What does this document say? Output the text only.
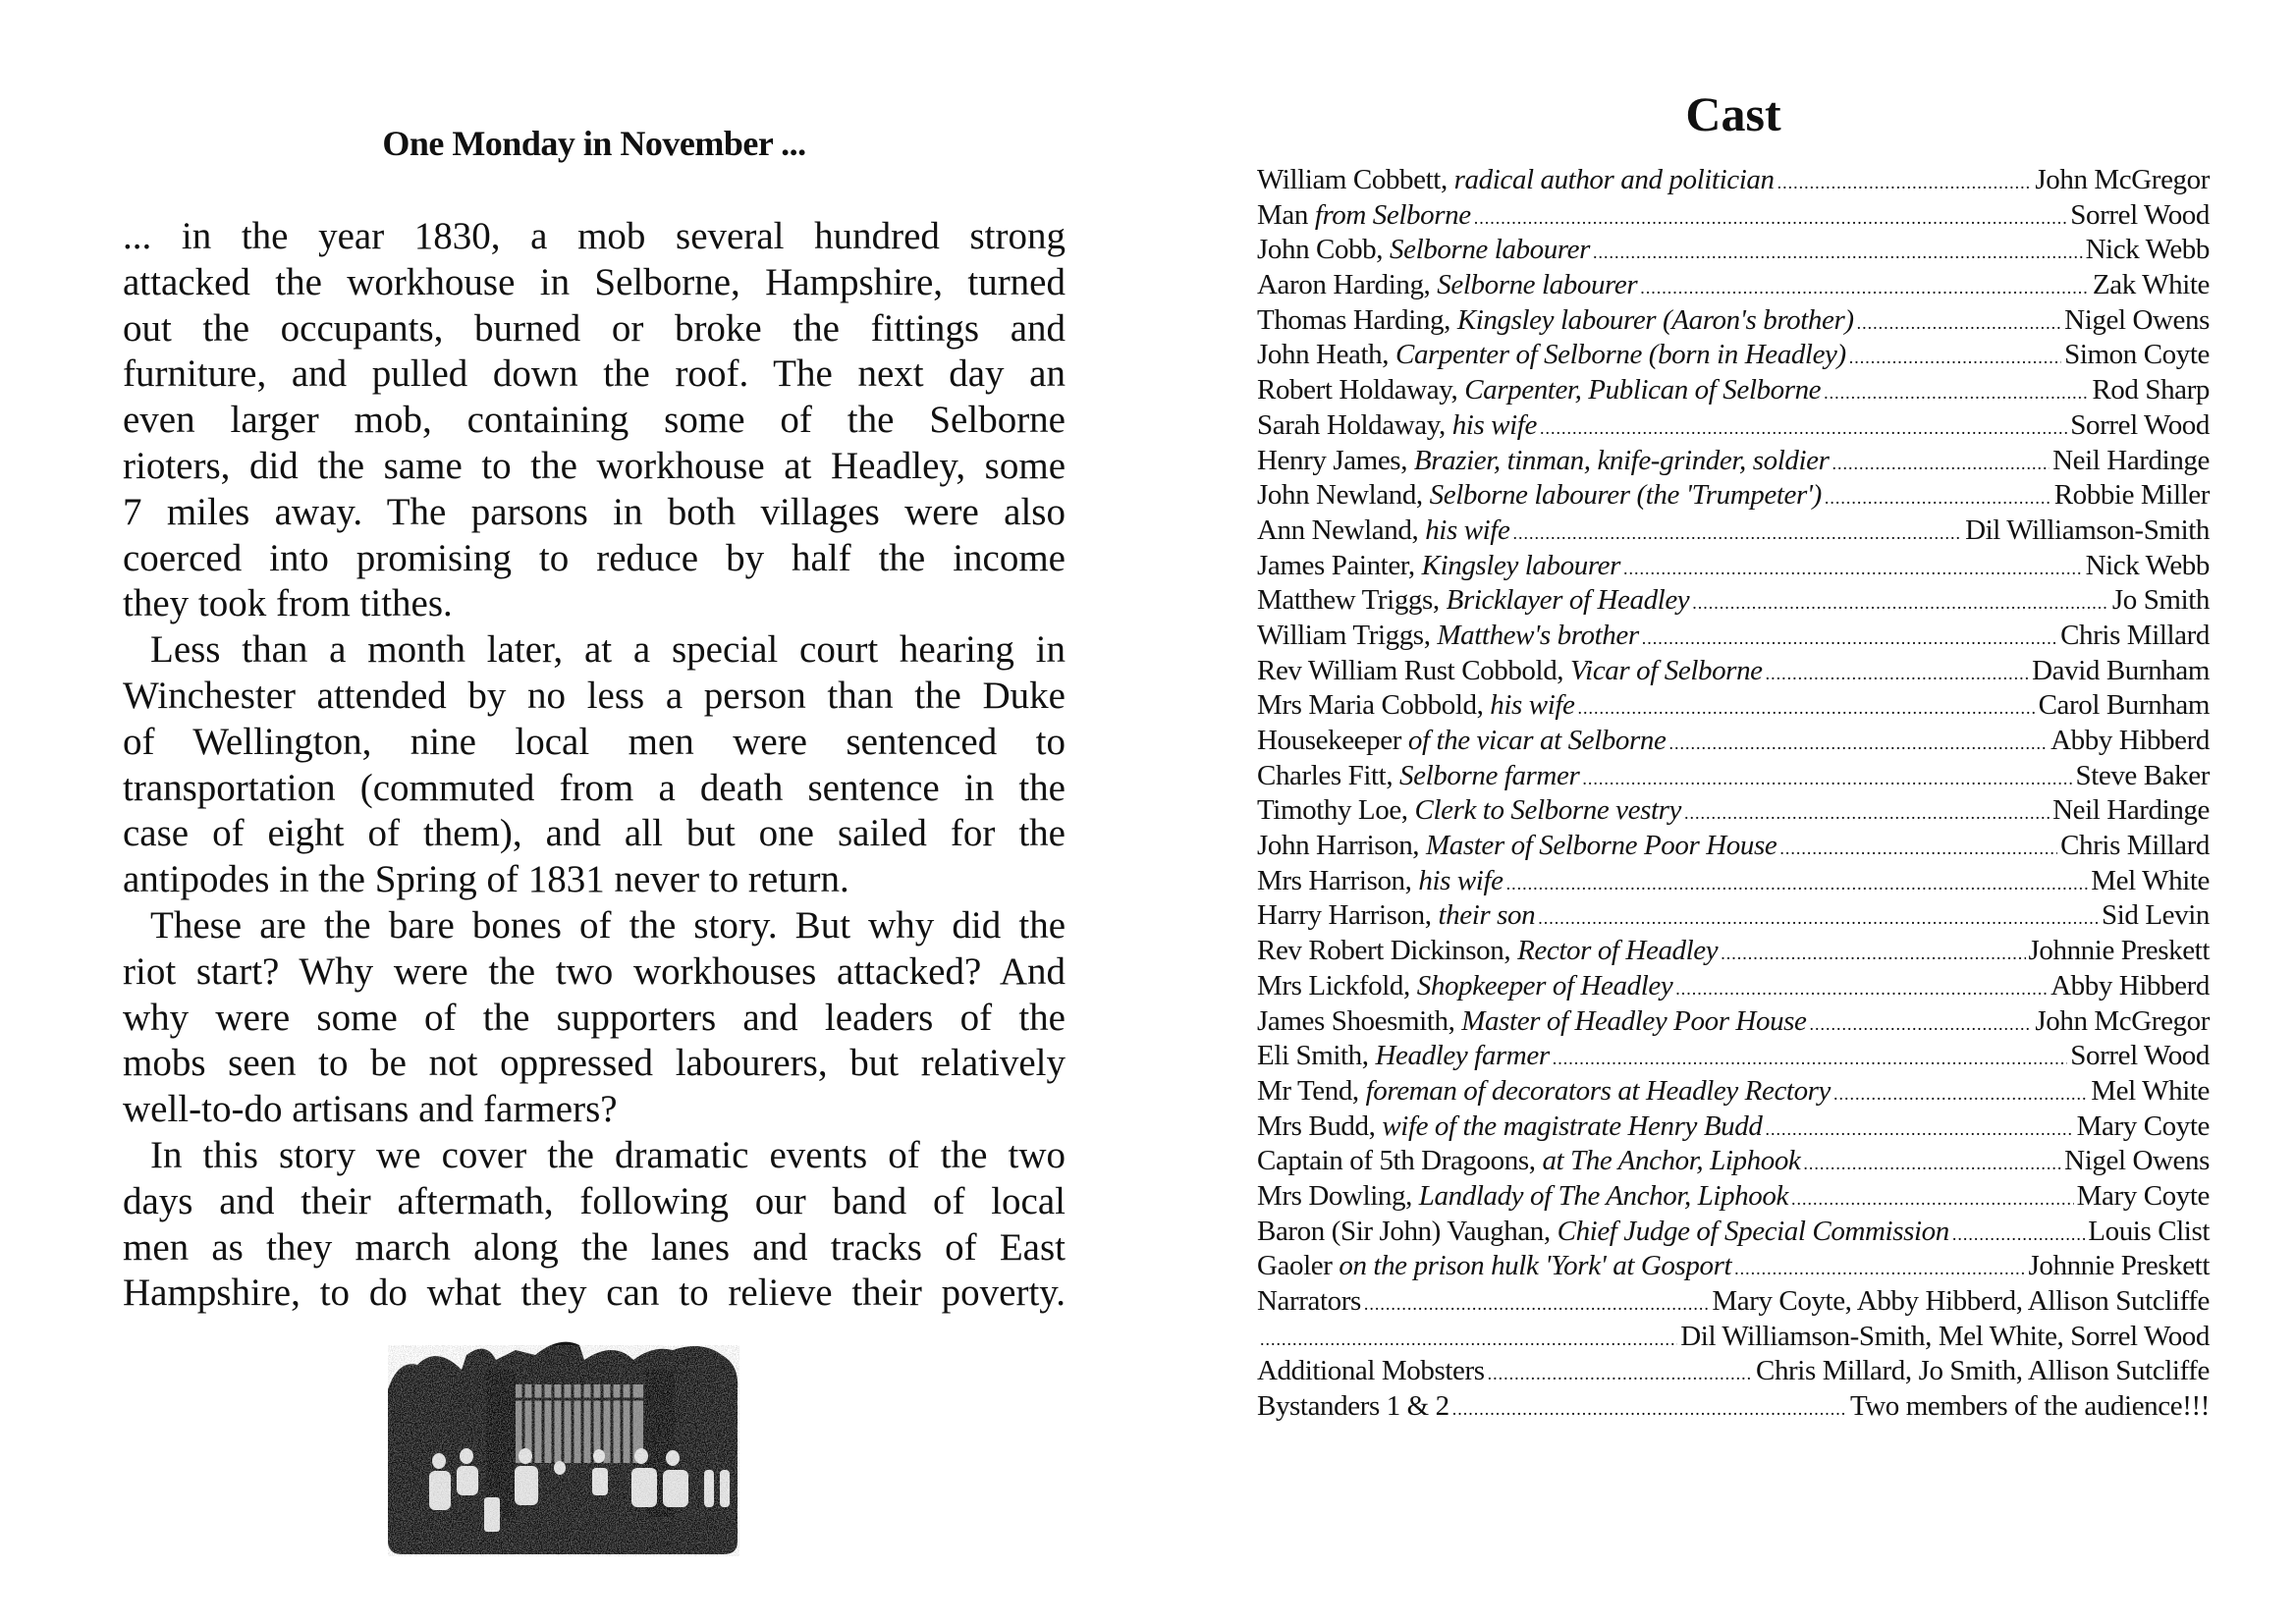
One Monday in November ...
... in the year 1830, a mob several hundred strong
attacked the workhouse in Selborne, Hampshire, turned
out the occupants, burned or broke the fittings and
furniture, and pulled down the roof. The next day an
even larger mob, containing some of the Selborne
rioters, did the same to the workhouse at Headley, some
7 miles away. The parsons in both villages were also
coerced into promising to reduce by half the income
they took from tithes.
Less than a month later, at a special court hearing in
Winchester attended by no less a person than the Duke
of Wellington, nine local men were sentenced to
transportation (commuted from a death sentence in the
case of eight of them), and all but one sailed for the
antipodes in the Spring of 1831 never to return.
These are the bare bones of the story. But why did the
riot start? Why were the two workhouses attacked? And
why were some of the supporters and leaders of the
mobs seen to be not oppressed labourers, but relatively
well-to-do artisans and farmers?
In this story we cover the dramatic events of the two
days and their aftermath, following our band of local
men as they march along the lanes and tracks of East
Hampshire, to do what they can to relieve their poverty.
Cast
William Cobbett, radical author and politician .....	John McGregor
Man from Selborne .....	Sorrel Wood
John Cobb, Selborne labourer .....	Nick Webb
Aaron Harding, Selborne labourer .....	Zak White
Thomas Harding, Kingsley labourer (Aaron's brother) .....	Nigel Owens
John Heath, Carpenter of Selborne (born in Headley) .....	Simon Coyte
Robert Holdaway, Carpenter, Publican of Selborne .....	Rod Sharp
Sarah Holdaway, his wife .....	Sorrel Wood
Henry James, Brazier, tinman, knife-grinder, soldier .....	Neil Hardinge
John Newland, Selborne labourer (the 'Trumpeter') .....	Robbie Miller
Ann Newland, his wife .....	Dil Williamson-Smith
James Painter, Kingsley labourer .....	Nick Webb
Matthew Triggs, Bricklayer of Headley .....	Jo Smith
William Triggs, Matthew's brother .....	Chris Millard
Rev William Rust Cobbold, Vicar of Selborne .....	David Burnham
Mrs Maria Cobbold, his wife .....	Carol Burnham
Housekeeper of the vicar at Selborne .....	Abby Hibberd
Charles Fitt, Selborne farmer .....	Steve Baker
Timothy Loe, Clerk to Selborne vestry .....	Neil Hardinge
John Harrison, Master of Selborne Poor House .....	Chris Millard
Mrs Harrison, his wife .....	Mel White
Harry Harrison, their son .....	Sid Levin
Rev Robert Dickinson, Rector of Headley .....	Johnnie Preskett
Mrs Lickfold, Shopkeeper of Headley .....	Abby Hibberd
James Shoesmith, Master of Headley Poor House .....	John McGregor
Eli Smith, Headley farmer .....	Sorrel Wood
Mr Tend, foreman of decorators at Headley Rectory .....	Mel White
Mrs Budd, wife of the magistrate Henry Budd .....	Mary Coyte
Captain of 5th Dragoons, at The Anchor, Liphook .....	Nigel Owens
Mrs Dowling, Landlady of The Anchor, Liphook .....	Mary Coyte
Baron (Sir John) Vaughan, Chief Judge of Special Commission .....	Louis Clist
Gaoler on the prison hulk 'York' at Gosport .....	Johnnie Preskett
Narrators .....	Mary Coyte, Abby Hibberd, Allison Sutcliffe
.....
Dil Williamson-Smith, Mel White, Sorrel Wood
Additional Mobsters .....	Chris Millard, Jo Smith, Allison Sutcliffe
Bystanders 1 & 2 .....	Two members of the audience!!!
